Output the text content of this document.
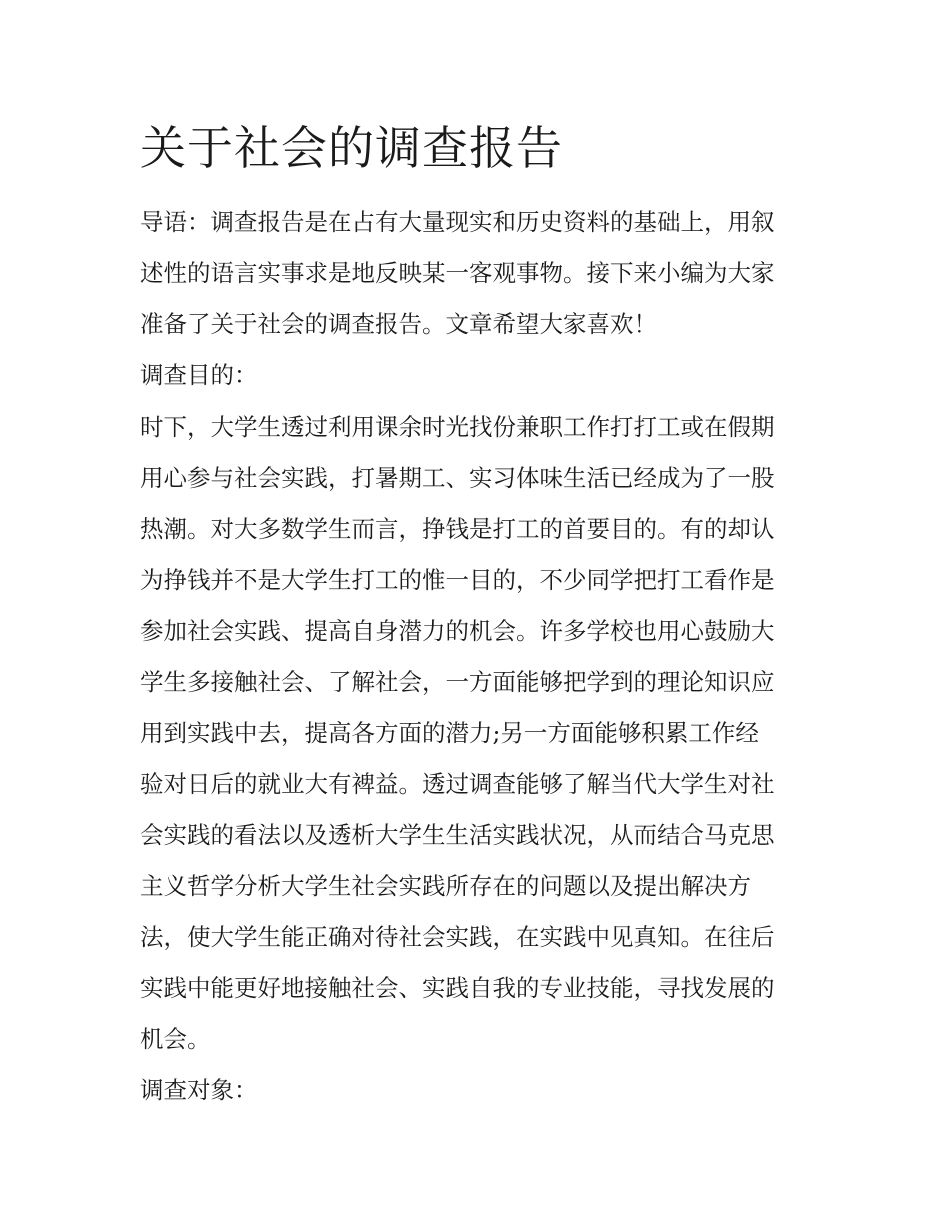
关于社会的调查报告
导语：调查报告是在占有大量现实和历史资料的基础上，用叙
述性的语言实事求是地反映某一客观事物。接下来小编为大家
准备了关于社会的调查报告。文章希望大家喜欢！
调查目的：
时下，大学生透过利用课余时光找份兼职工作打打工或在假期
用心参与社会实践，打暑期工、实习体味生活已经成为了一股
热潮。对大多数学生而言，挣钱是打工的首要目的。有的却认
为挣钱并不是大学生打工的惟一目的，不少同学把打工看作是
参加社会实践、提高自身潜力的机会。许多学校也用心鼓励大
学生多接触社会、了解社会，一方面能够把学到的理论知识应
用到实践中去，提高各方面的潜力;另一方面能够积累工作经
验对日后的就业大有裨益。透过调查能够了解当代大学生对社
会实践的看法以及透析大学生生活实践状况，从而结合马克思
主义哲学分析大学生社会实践所存在的问题以及提出解决方
法，使大学生能正确对待社会实践，在实践中见真知。在往后
实践中能更好地接触社会、实践自我的专业技能，寻找发展的
机会。
调查对象：
